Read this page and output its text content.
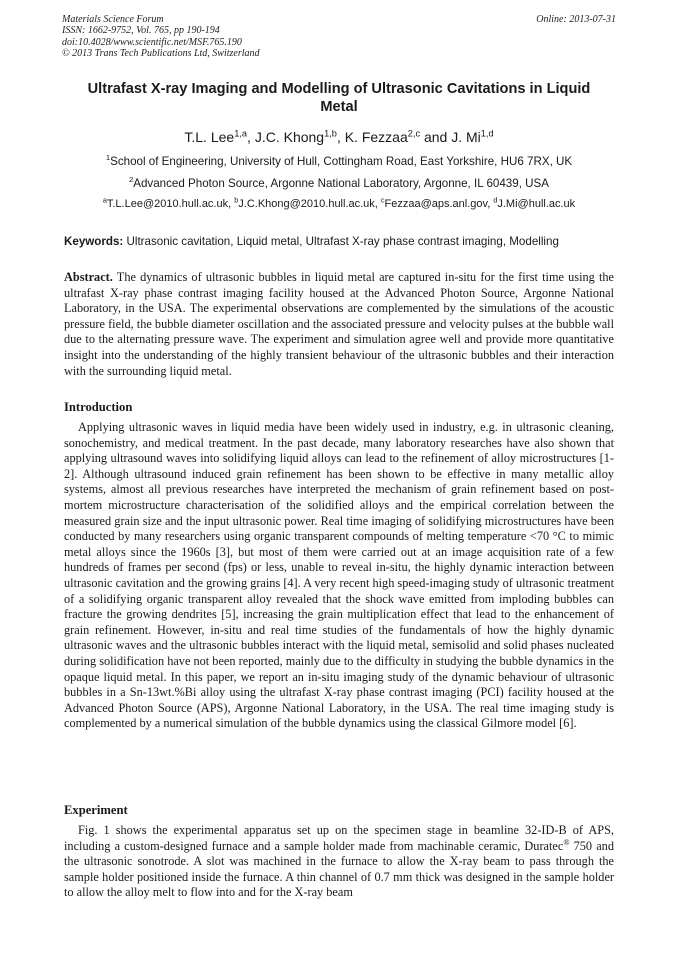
Materials Science Forum
ISSN: 1662-9752, Vol. 765, pp 190-194
doi:10.4028/www.scientific.net/MSF.765.190
© 2013 Trans Tech Publications Ltd, Switzerland
Online: 2013-07-31
Ultrafast X-ray Imaging and Modelling of Ultrasonic Cavitations in Liquid Metal
T.L. Lee$^{1,a}$, J.C. Khong$^{1,b}$, K. Fezzaa$^{2,c}$ and J. Mi$^{1,d}$
$^1$School of Engineering, University of Hull, Cottingham Road, East Yorkshire, HU6 7RX, UK
$^2$Advanced Photon Source, Argonne National Laboratory, Argonne, IL 60439, USA
$^a$T.L.Lee@2010.hull.ac.uk, $^b$J.C.Khong@2010.hull.ac.uk, $^c$Fezzaa@aps.anl.gov, $^d$J.Mi@hull.ac.uk
Keywords: Ultrasonic cavitation, Liquid metal, Ultrafast X-ray phase contrast imaging, Modelling
Abstract. The dynamics of ultrasonic bubbles in liquid metal are captured in-situ for the first time using the ultrafast X-ray phase contrast imaging facility housed at the Advanced Photon Source, Argonne National Laboratory, in the USA. The experimental observations are complemented by the simulations of the acoustic pressure field, the bubble diameter oscillation and the associated pressure and velocity pulses at the bubble wall due to the alternating pressure wave. The experiment and simulation agree well and provide more quantitative insight into the understanding of the highly transient behaviour of the ultrasonic bubbles and their interaction with the surrounding liquid metal.
Introduction
Applying ultrasonic waves in liquid media have been widely used in industry, e.g. in ultrasonic cleaning, sonochemistry, and medical treatment. In the past decade, many laboratory researches have also shown that applying ultrasound waves into solidifying liquid alloys can lead to the refinement of alloy microstructures [1-2]. Although ultrasound induced grain refinement has been shown to be effective in many metallic alloy systems, almost all previous researches have interpreted the mechanism of grain refinement based on post-mortem microstructure characterisation of the solidified alloys and the empirical correlation between the measured grain size and the input ultrasonic power. Real time imaging of solidifying microstructures have been conducted by many researchers using organic transparent compounds of melting temperature <70 °C to mimic metal alloys since the 1960s [3], but most of them were carried out at an image acquisition rate of a few hundreds of frames per second (fps) or less, unable to reveal in-situ, the highly dynamic interaction between ultrasonic cavitation and the growing grains [4]. A very recent high speed-imaging study of ultrasonic treatment of a solidifying organic transparent alloy revealed that the shock wave emitted from imploding bubbles can fracture the growing dendrites [5], increasing the grain multiplication effect that lead to the enhancement of grain refinement. However, in-situ and real time studies of the fundamentals of how the highly dynamic ultrasonic waves and the ultrasonic bubbles interact with the liquid metal, semisolid and solid phases nucleated during solidification have not been reported, mainly due to the difficulty in studying the bubble dynamics in the opaque liquid metal. In this paper, we report an in-situ imaging study of the dynamic behaviour of ultrasonic bubbles in a Sn-13wt.%Bi alloy using the ultrafast X-ray phase contrast imaging (PCI) facility housed at the Advanced Photon Source (APS), Argonne National Laboratory, in the USA. The real time imaging study is complemented by a numerical simulation of the bubble dynamics using the classical Gilmore model [6].
Experiment
Fig. 1 shows the experimental apparatus set up on the specimen stage in beamline 32-ID-B of APS, including a custom-designed furnace and a sample holder made from machinable ceramic, Duratec® 750 and the ultrasonic sonotrode. A slot was machined in the furnace to allow the X-ray beam to pass through the sample holder positioned inside the furnace. A thin channel of 0.7 mm thick was designed in the sample holder to allow the alloy melt to flow into and for the X-ray beam
